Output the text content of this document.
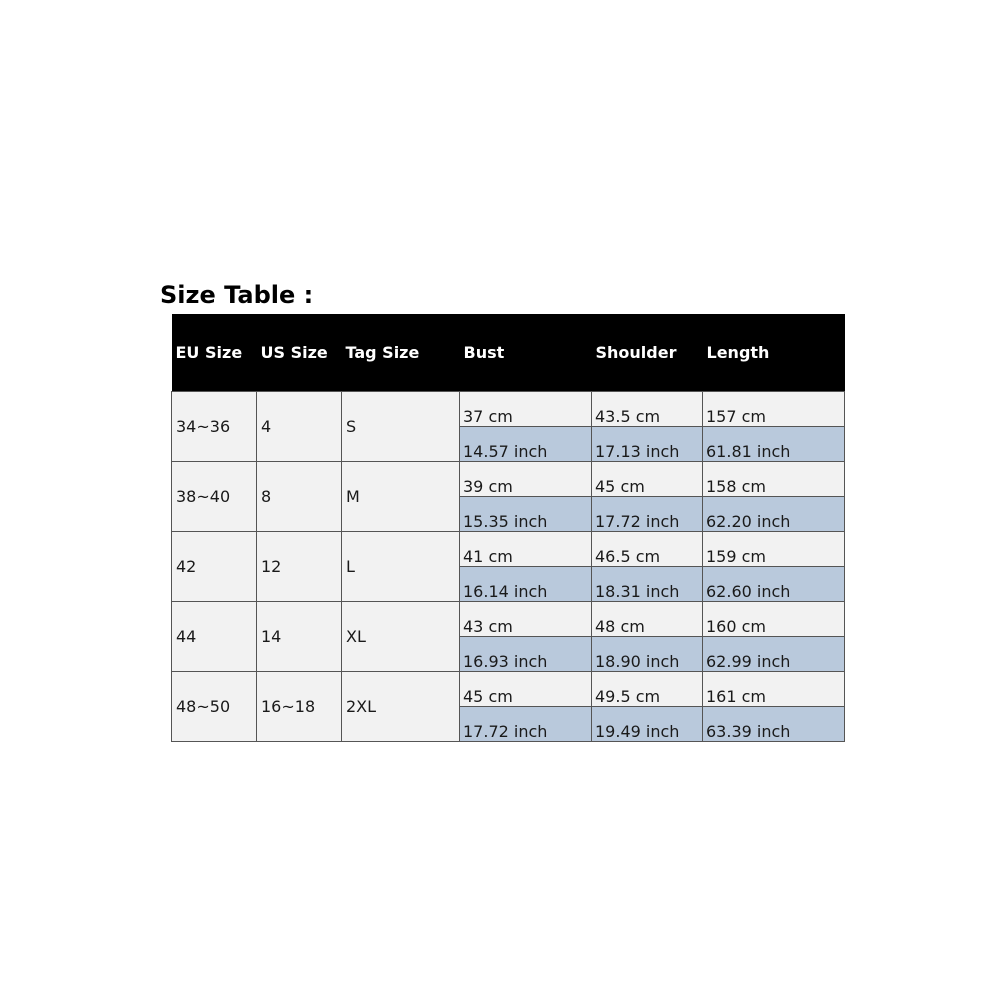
Size Table :
EU Size	US Size	Tag Size	Bust	Shoulder	Length
34~36	4	S	37 cm	43.5 cm	157 cm
			14.57 inch	17.13 inch	61.81 inch
38~40	8	M	39 cm	45 cm	158 cm
			15.35 inch	17.72 inch	62.20 inch
42	12	L	41 cm	46.5 cm	159 cm
			16.14 inch	18.31 inch	62.60 inch
44	14	XL	43 cm	48 cm	160 cm
			16.93 inch	18.90 inch	62.99 inch
48~50	16~18	2XL	45 cm	49.5 cm	161 cm
			17.72 inch	19.49 inch	63.39 inch
